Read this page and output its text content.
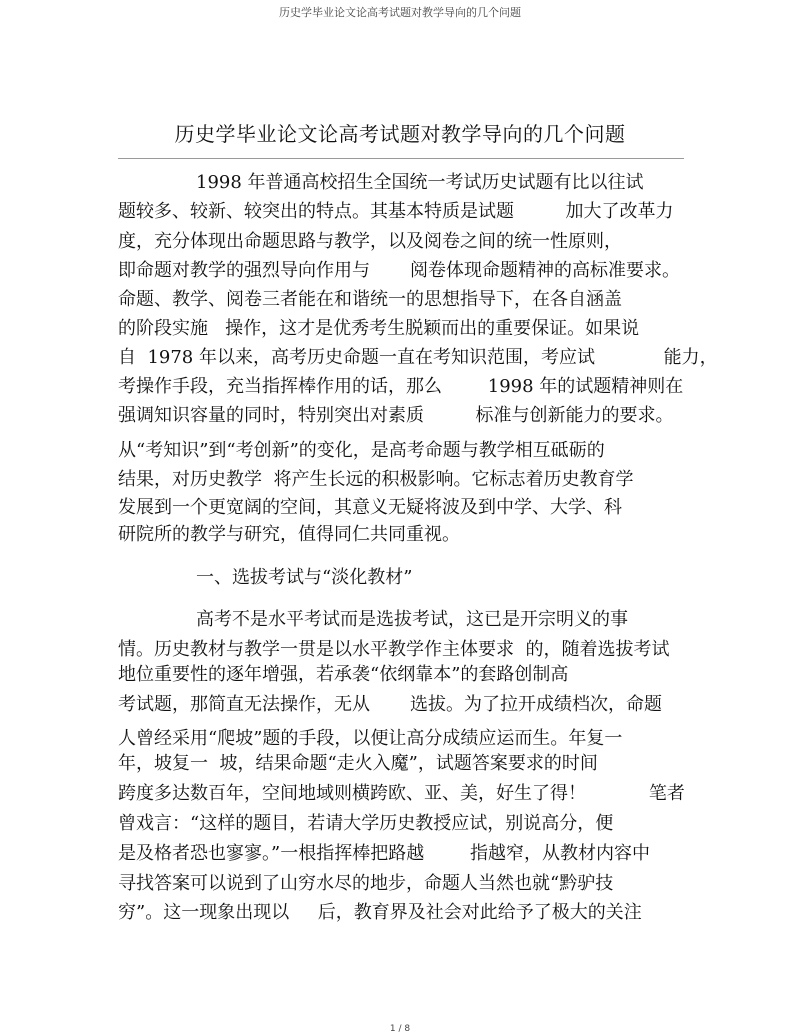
历史学毕业论文论高考试题对教学导向的几个问题
历史学毕业论文论高考试题对教学导向的几个问题
1998 年普通高校招生全国统一考试历史试题有比以往试
题较多、较新、较突出的特点。其基本特质是试题         加大了改革力
度，充分体现出命题思路与教学，以及阅卷之间的统一性原则，
即命题对教学的强烈导向作用与       阅卷体现命题精神的高标准要求。
命题、教学、阅卷三者能在和谐统一的思想指导下，在各自涵盖
的阶段实施   操作，这才是优秀考生脱颖而出的重要保证。如果说
自  1978 年以来，高考历史命题一直在考知识范围，考应试            能力，
考操作手段，充当指挥棒作用的话，那么        1998 年的试题精神则在
强调知识容量的同时，特别突出对素质         标准与创新能力的要求。
从“考知识”到“考创新”的变化，是高考命题与教学相互砥砺的
结果，对历史教学  将产生长远的积极影响。它标志着历史教育学
发展到一个更宽阔的空间，其意义无疑将波及到中学、大学、科
研院所的教学与研究，值得同仁共同重视。
一、选拔考试与“淡化教材”
高考不是水平考试而是选拔考试，这已是开宗明义的事
情。历史教材与教学一贯是以水平教学作主体要求  的，随着选拔考试
地位重要性的逐年增强，若承袭“依纲靠本”的套路创制高
考试题，那简直无法操作，无从       选拔。为了拉开成绩档次，命题
人曾经采用“爬坡”题的手段，以便让高分成绩应运而生。年复一
年，坡复一  坡，结果命题“走火入魔”，试题答案要求的时间
跨度多达数百年，空间地域则横跨欧、亚、美，好生了得！           笔者
曾戏言：“这样的题目，若请大学历史教授应试，别说高分，便
是及格者恐也寥寥。”一根指挥棒把路越        指越窄，从教材内容中
寻找答案可以说到了山穷水尽的地步，命题人当然也就“黔驴技
穷”。这一现象出现以     后，教育界及社会对此给予了极大的关注
1 / 8
